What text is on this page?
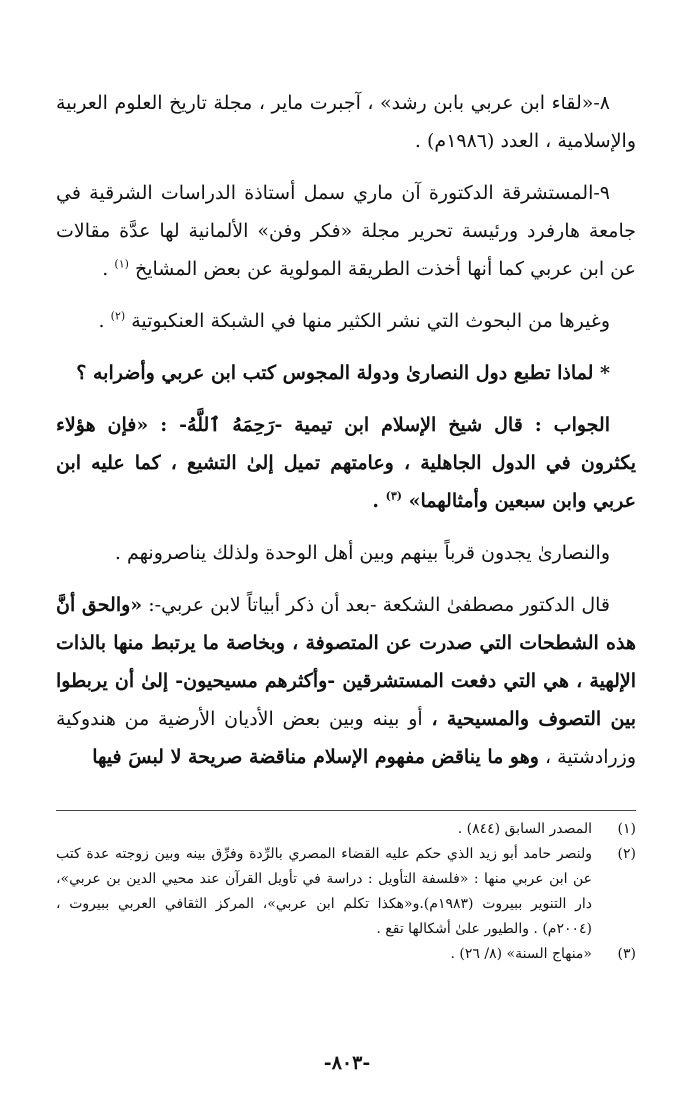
٨-«لقاء ابن عربي بابن رشد» ، آجبرت ماير ، مجلة تاريخ العلوم العربية والإسلامية ، العدد (١٩٨٦م) .

٩-المستشرقة الدكتورة آن ماري سمل أستاذة الدراسات الشرقية في جامعة هارفرد ورئيسة تحرير مجلة «فكر وفن» الألمانية لها عدَّة مقالات عن ابن عربي كما أنها أخذت الطريقة المولوية عن بعض المشايخ $^{(١)}$ .

وغيرها من البحوث التي نشر الكثير منها في الشبكة العنكبوتية $^{(٢)}$ .

* لماذا تطبع دول النصارىٰ ودولة المجوس كتب ابن عربي وأضرابه ؟

الجواب : قال شيخ الإسلام ابن تيمية -رَحِمَهُ ٱللَّهُ- : «فإن هؤلاء يكثرون في الدول الجاهلية ، وعامتهم تميل إلىٰ التشيع ، كما عليه ابن عربي وابن سبعين وأمثالهما» $^{(٣)}$ .

والنصارىٰ يجدون قرباً بينهم وبين أهل الوحدة ولذلك يناصرونهم .

قال الدكتور مصطفىٰ الشكعة -بعد أن ذكر أبياتاً لابن عربي-: «والحق أنَّ هذه الشطحات التي صدرت عن المتصوفة ، وبخاصة ما يرتبط منها بالذات الإلهية ، هي التي دفعت المستشرقين -وأكثرهم مسيحيون- إلىٰ أن يربطوا بين التصوف والمسيحية ، أو بينه وبين بعض الأديان الأرضية من هندوكية وزرادشتية ، وهو ما يناقض مفهوم الإسلام مناقضة صريحة لا لبسَ فيها

(١)
المصدر السابق (٨٤٤) .
(٢)
ولنصر حامد أبو زيد الذي حكم عليه القضاء المصري بالرِّدة وفرِّق بينه وبين زوجته عدة كتب عن ابن عربي منها : «فلسفة التأويل : دراسة في تأويل القرآن عند محيي الدين بن عربي»، دار التنوير ببيروت (١٩٨٣م).و«هكذا تكلم ابن عربي»، المركز الثقافي العربي ببيروت ، (٢٠٠٤م) . والطيور علىٰ أشكالها تقع .
(٣)
«منهاج السنة» (٨/ ٢٦) .
-٨٠٣-
